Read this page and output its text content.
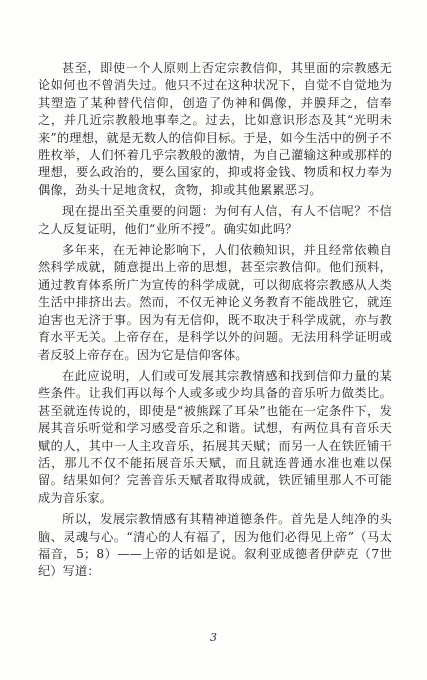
甚至，即使一个人原则上否定宗教信仰，其里面的宗教感无论如何也不曾消失过。他只不过在这种状况下，自觉不自觉地为其塑造了某种替代信仰，创造了伪神和偶像，并膜拜之，信奉之，并几近宗教般地事奉之。过去，比如意识形态及其“光明未来”的理想，就是无数人的信仰目标。于是，如今生活中的例子不胜枚举，人们怀着几乎宗教般的激情，为自己灌输这种或那样的理想，要么政治的，要么国家的，抑或将金钱、物质和权力奉为偶像，劲头十足地贪权，贪物，抑或其他累累恶习。

现在提出至关重要的问题：为何有人信，有人不信呢？不信之人反复证明，他们“业所不授”。确实如此吗？

多年来，在无神论影响下，人们依赖知识，并且经常依赖自然科学成就，随意提出上帝的思想，甚至宗教信仰。他们预料，通过教育体系所广为宣传的科学成就，可以彻底将宗教感从人类生活中排挤出去。然而，不仅无神论义务教育不能战胜它，就连迫害也无济于事。因为有无信仰，既不取决于科学成就，亦与教育水平无关。上帝存在，是科学以外的问题。无法用科学证明或者反驳上帝存在。因为它是信仰客体。

在此应说明，人们或可发展其宗教情感和找到信仰力量的某些条件。让我们再以每个人或多或少均具备的音乐听力做类比。甚至就连传说的，即使是“被熊踩了耳朵”也能在一定条件下，发展其音乐听觉和学习感受音乐之和谐。试想，有两位具有音乐天赋的人，其中一人主攻音乐，拓展其天赋；而另一人在铁匠铺干活，那儿不仅不能拓展音乐天赋，而且就连普通水准也难以保留。结果如何？完善音乐天赋者取得成就，铁匠铺里那人不可能成为音乐家。

所以，发展宗教情感有其精神道德条件。首先是人纯净的头脑、灵魂与心。“清心的人有福了，因为他们必得见上帝”（马太福音，5；8）——上帝的话如是说。叙利亚成德者伊萨克（7世纪）写道：

3
